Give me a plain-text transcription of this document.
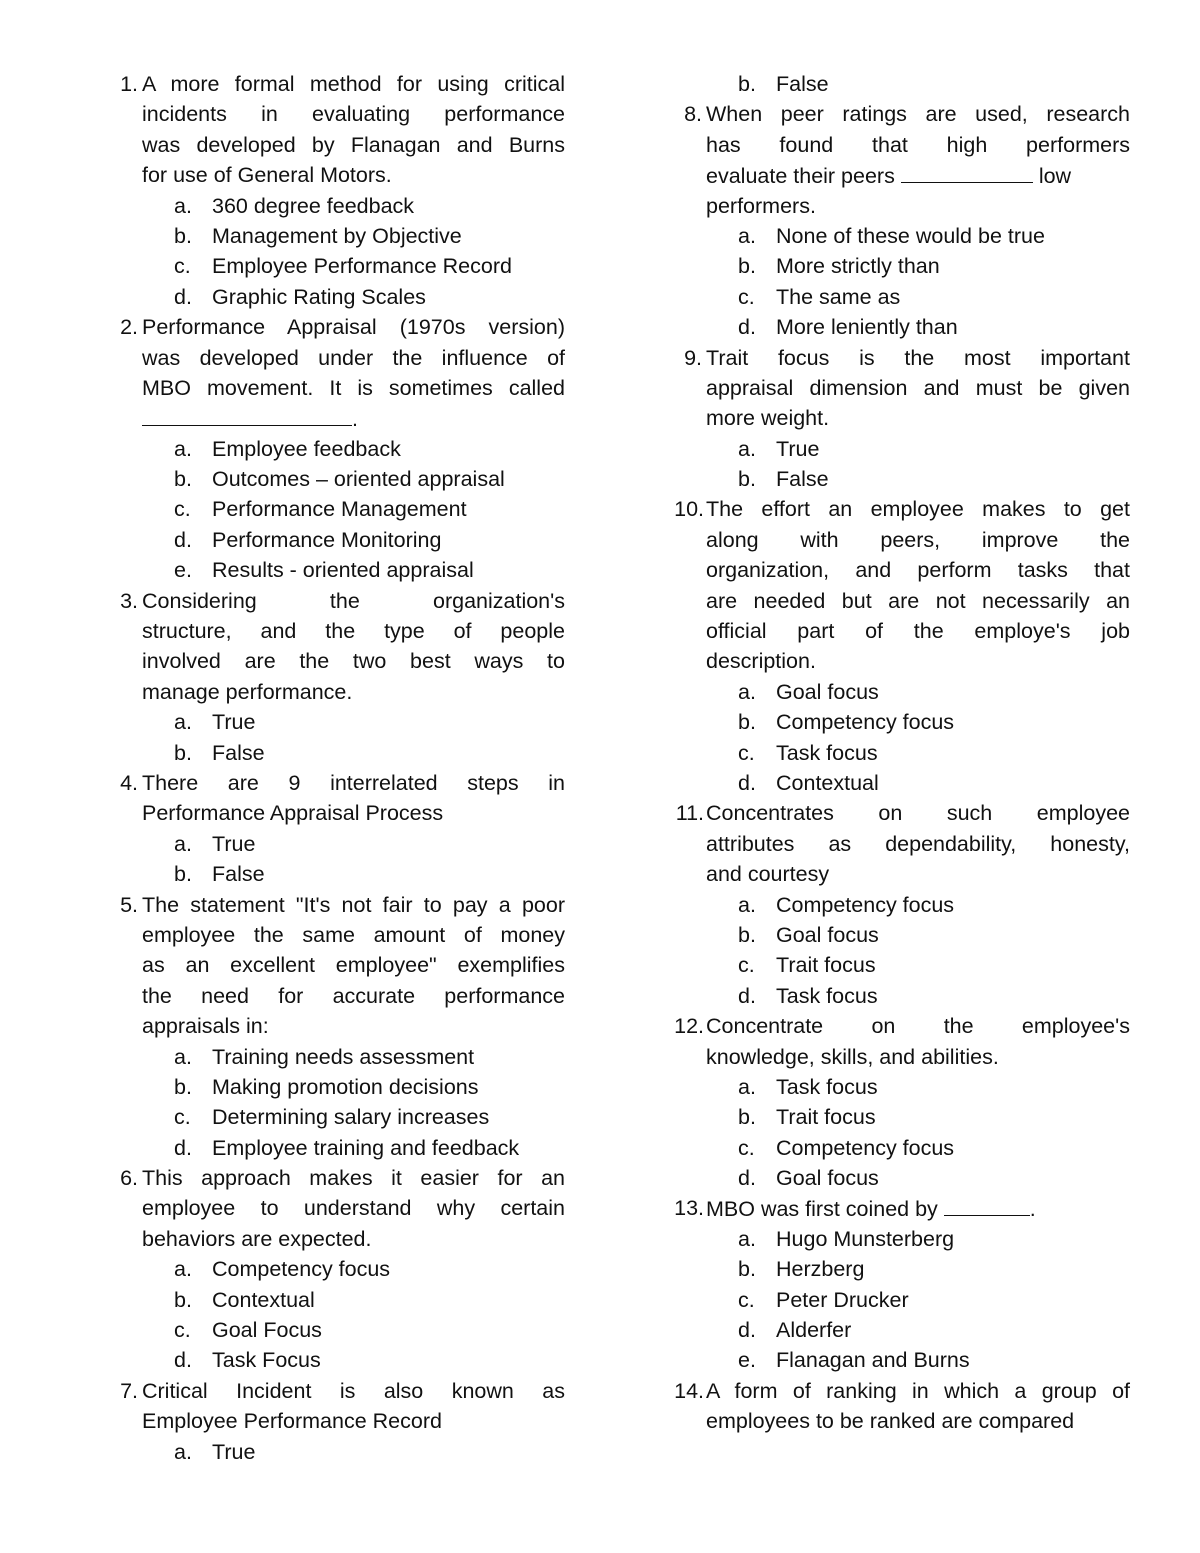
1. A more formal method for using critical
incidents in evaluating performance
was developed by Flanagan and Burns
for use of General Motors.
a. 360 degree feedback
b. Management by Objective
c. Employee Performance Record
d. Graphic Rating Scales
2. Performance Appraisal (1970s version)
was developed under the influence of
MBO movement. It is sometimes called
.
a. Employee feedback
b. Outcomes – oriented appraisal
c. Performance Management
d. Performance Monitoring
e. Results - oriented appraisal
3. Considering the organization's
structure, and the type of people
involved are the two best ways to
manage performance.
a. True
b. False
4. There are 9 interrelated steps in
Performance Appraisal Process
a. True
b. False
5. The statement "It's not fair to pay a poor
employee the same amount of money
as an excellent employee" exemplifies
the need for accurate performance
appraisals in:
a. Training needs assessment
b. Making promotion decisions
c. Determining salary increases
d. Employee training and feedback
6. This approach makes it easier for an
employee to understand why certain
behaviors are expected.
a. Competency focus
b. Contextual
c. Goal Focus
d. Task Focus
7. Critical Incident is also known as
Employee Performance Record
a. True
b. False
8. When peer ratings are used, research
has found that high performers
evaluate their peers	low
performers.
a. None of these would be true
b. More strictly than
c. The same as
d. More leniently than
9. Trait focus is the most important
appraisal dimension and must be given
more weight.
a. True
b. False
10. The effort an employee makes to get
along with peers, improve the
organization, and perform tasks that
are needed but are not necessarily an
official part of the employe's job
description.
a. Goal focus
b. Competency focus
c. Task focus
d. Contextual
11. Concentrates on such employee
attributes as dependability, honesty,
and courtesy
a. Competency focus
b. Goal focus
c. Trait focus
d. Task focus
12. Concentrate on the employee's
knowledge, skills, and abilities.
a. Task focus
b. Trait focus
c. Competency focus
d. Goal focus
13. MBO was first coined by	.
a. Hugo Munsterberg
b. Herzberg
c. Peter Drucker
d. Alderfer
e. Flanagan and Burns
14. A form of ranking in which a group of
employees to be ranked are compared
